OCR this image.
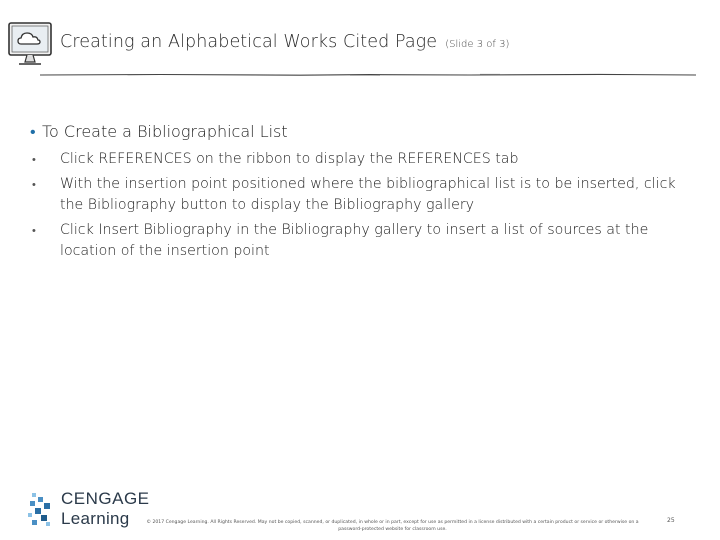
Creating an Alphabetical Works Cited Page (Slide 3 of 3)
• To Create a Bibliographical List
• Click REFERENCES on the ribbon to display the REFERENCES tab
• With the insertion point positioned where the bibliographical list is to be inserted, click the Bibliography button to display the Bibliography gallery
• Click Insert Bibliography in the Bibliography gallery to insert a list of sources at the location of the insertion point
CENGAGE
Learning	© 2017 Cengage Learning. All Rights Reserved. May not be copied, scanned, or duplicated, in whole or in part, except for use as permitted in a license distributed with a certain product or service or otherwise on a password-protected website for classroom use.
25
